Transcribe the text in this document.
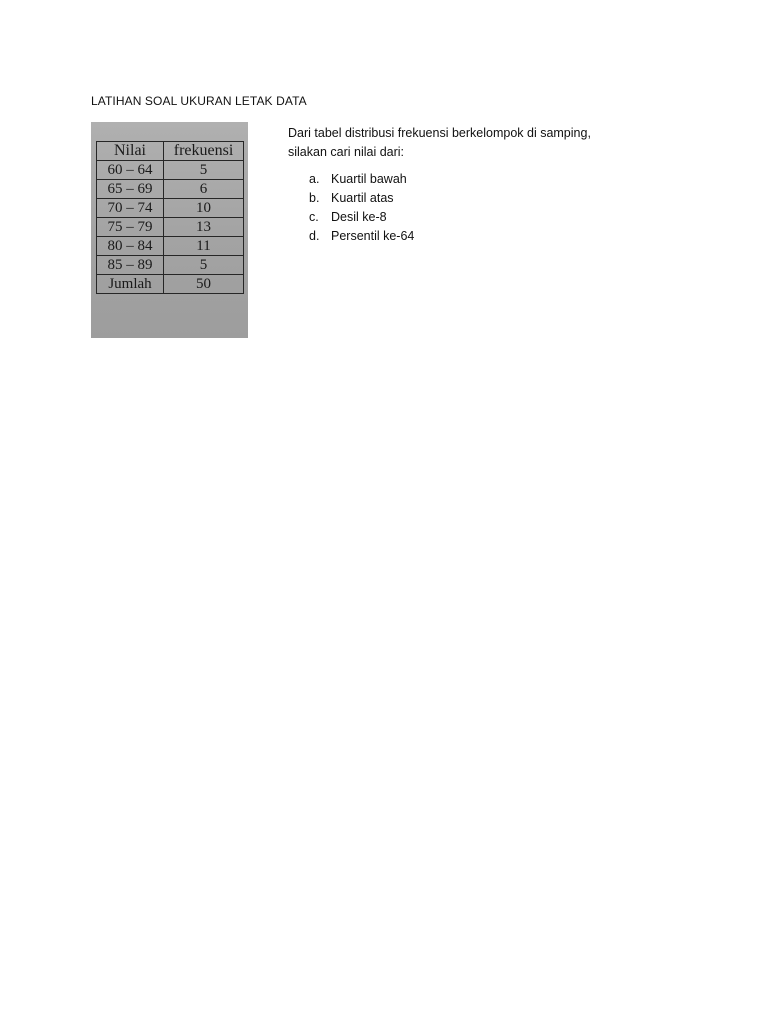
LATIHAN SOAL UKURAN LETAK DATA
Nilai	frekuensi
60 – 64	5
65 – 69	6
70 – 74	10
75 – 79	13
80 – 84	11
85 – 89	5
Jumlah	50

Dari tabel distribusi frekuensi berkelompok di samping,

silakan cari nilai dari:

a. Kuartil bawah
b. Kuartil atas
c. Desil ke-8
d. Persentil ke-64
